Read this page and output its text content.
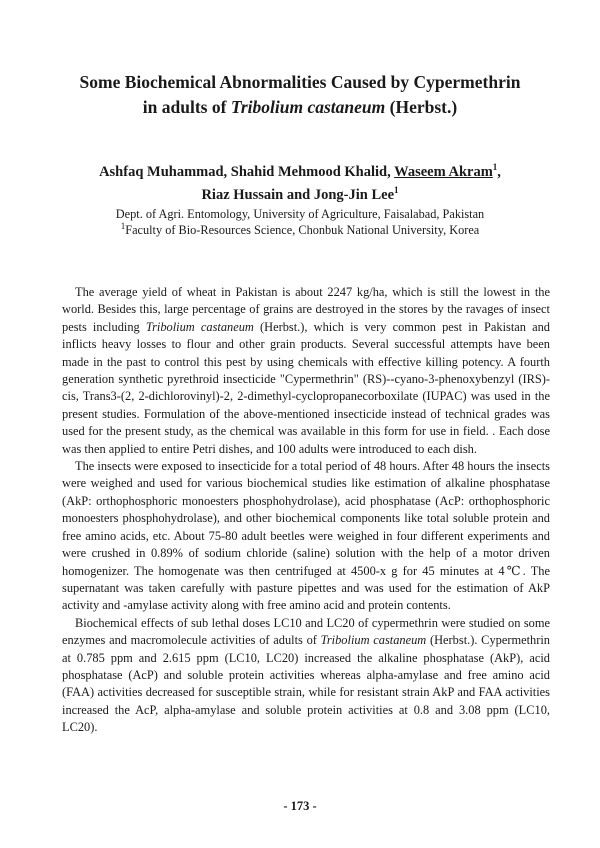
Some Biochemical Abnormalities Caused by Cypermethrin
in adults of Tribolium castaneum (Herbst.)

Ashfaq Muhammad, Shahid Mehmood Khalid, Waseem Akram$^1$,

Riaz Hussain and Jong-Jin Lee$^1$

Dept. of Agri. Entomology, University of Agriculture, Faisalabad, Pakistan

$^1$Faculty of Bio-Resources Science, Chonbuk National University, Korea

The average yield of wheat in Pakistan is about 2247 kg/ha, which is still the lowest in the world. Besides this, large percentage of grains are destroyed in the stores by the ravages of insect pests including Tribolium castaneum (Herbst.), which is very common pest in Pakistan and inflicts heavy losses to flour and other grain products. Several successful attempts have been made in the past to control this pest by using chemicals with effective killing potency. A fourth generation synthetic pyrethroid insecticide "Cypermethrin" (RS)--cyano-3-phenoxybenzyl (IRS)-cis, Trans3-(2, 2-dichlorovinyl)-2, 2-dimethyl-cyclopropanecorboxilate (IUPAC) was used in the present studies. Formulation of the above-mentioned insecticide instead of technical grades was used for the present study, as the chemical was available in this form for use in field. . Each dose was then applied to entire Petri dishes, and 100 adults were introduced to each dish.

The insects were exposed to insecticide for a total period of 48 hours. After 48 hours the insects were weighed and used for various biochemical studies like estimation of alkaline phosphatase (AkP: orthophosphoric monoesters phosphohydrolase), acid phosphatase (AcP: orthophosphoric monoesters phosphohydrolase), and other biochemical components like total soluble protein and free amino acids, etc. About 75-80 adult beetles were weighed in four different experiments and were crushed in 0.89% of sodium chloride (saline) solution with the help of a motor driven homogenizer. The homogenate was then centrifuged at 4500-x g for 45 minutes at 4℃. The supernatant was taken carefully with pasture pipettes and was used for the estimation of AkP activity and -amylase activity along with free amino acid and protein contents.

Biochemical effects of sub lethal doses LC10 and LC20 of cypermethrin were studied on some enzymes and macromolecule activities of adults of Tribolium castaneum (Herbst.). Cypermethrin at 0.785 ppm and 2.615 ppm (LC10, LC20) increased the alkaline phosphatase (AkP), acid phosphatase (AcP) and soluble protein activities whereas alpha-amylase and free amino acid (FAA) activities decreased for susceptible strain, while for resistant strain AkP and FAA activities increased the AcP, alpha-amylase and soluble protein activities at 0.8 and 3.08 ppm (LC10, LC20).

- 173 -
